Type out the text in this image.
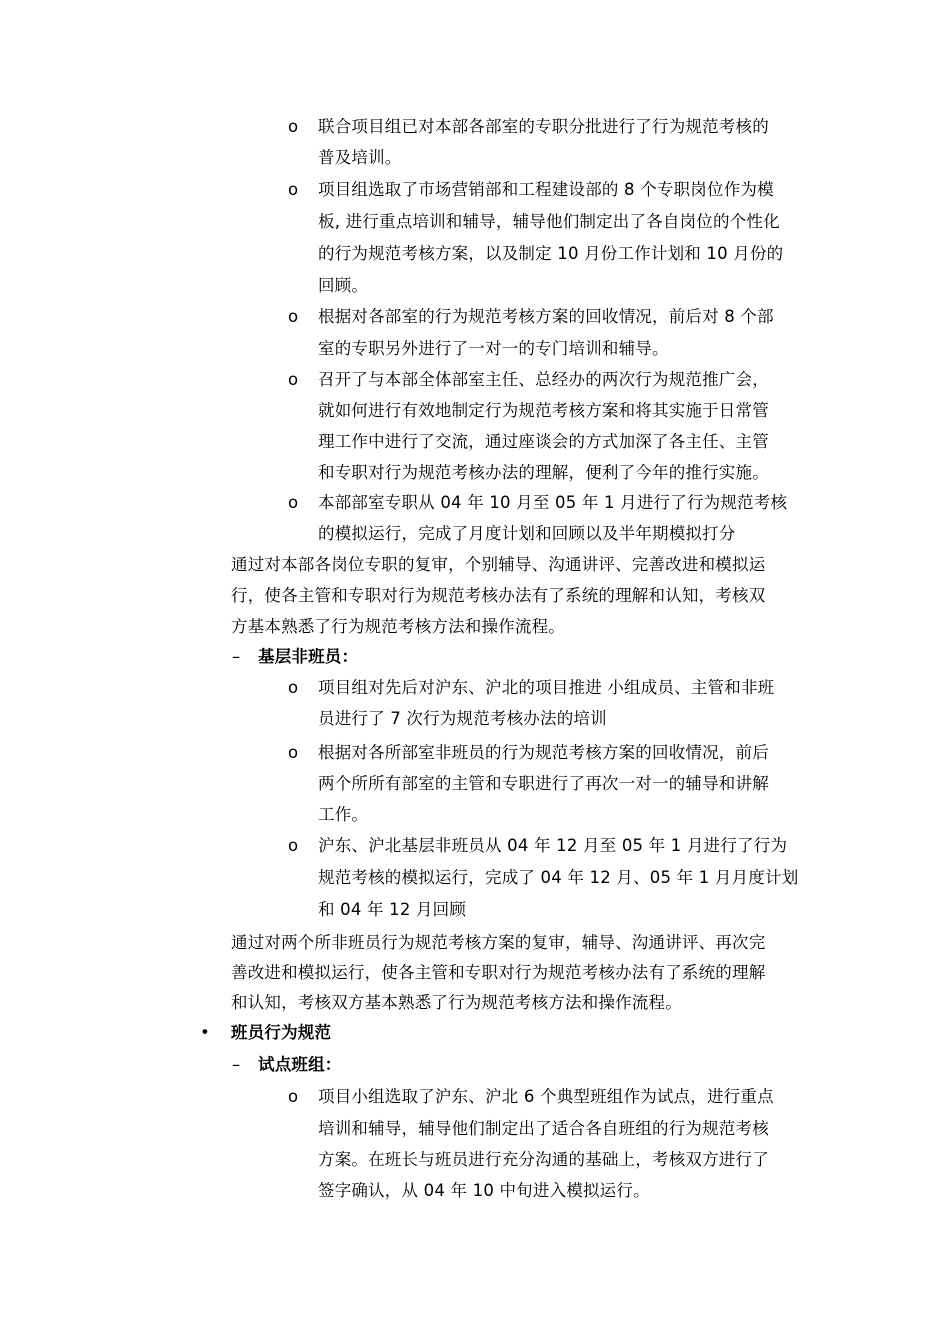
o 联合项目组已对本部各部室的专职分批进行了行为规范考核的
普及培训。
o 项目组选取了市场营销部和工程建设部的 8 个专职岗位作为模
板, 进行重点培训和辅导，辅导他们制定出了各自岗位的个性化
的行为规范考核方案，以及制定 10 月份工作计划和 10 月份的
回顾。
o 根据对各部室的行为规范考核方案的回收情况，前后对 8 个部
室的专职另外进行了一对一的专门培训和辅导。
o 召开了与本部全体部室主任、总经办的两次行为规范推广会，
就如何进行有效地制定行为规范考核方案和将其实施于日常管
理工作中进行了交流，通过座谈会的方式加深了各主任、主管
和专职对行为规范考核办法的理解，便利了今年的推行实施。
o 本部部室专职从 04 年 10 月至 05 年 1 月进行了行为规范考核
的模拟运行，完成了月度计划和回顾以及半年期模拟打分
通过对本部各岗位专职的复审，个别辅导、沟通讲评、完善改进和模拟运
行，使各主管和专职对行为规范考核办法有了系统的理解和认知，考核双
方基本熟悉了行为规范考核方法和操作流程。
– 基层非班员：
o 项目组对先后对沪东、沪北的项目推进 小组成员、主管和非班
员进行了 7 次行为规范考核办法的培训
o 根据对各所部室非班员的行为规范考核方案的回收情况，前后
两个所所有部室的主管和专职进行了再次一对一的辅导和讲解
工作。
o 沪东、沪北基层非班员从 04 年 12 月至 05 年 1 月进行了行为
规范考核的模拟运行，完成了 04 年 12 月、05 年 1 月月度计划
和 04 年 12 月回顾
通过对两个所非班员行为规范考核方案的复审，辅导、沟通讲评、再次完
善改进和模拟运行，使各主管和专职对行为规范考核办法有了系统的理解
和认知，考核双方基本熟悉了行为规范考核方法和操作流程。
• 班员行为规范
– 试点班组：
o 项目小组选取了沪东、沪北 6 个典型班组作为试点，进行重点
培训和辅导，辅导他们制定出了适合各自班组的行为规范考核
方案。在班长与班员进行充分沟通的基础上，考核双方进行了
签字确认，从 04 年 10 中旬进入模拟运行。
